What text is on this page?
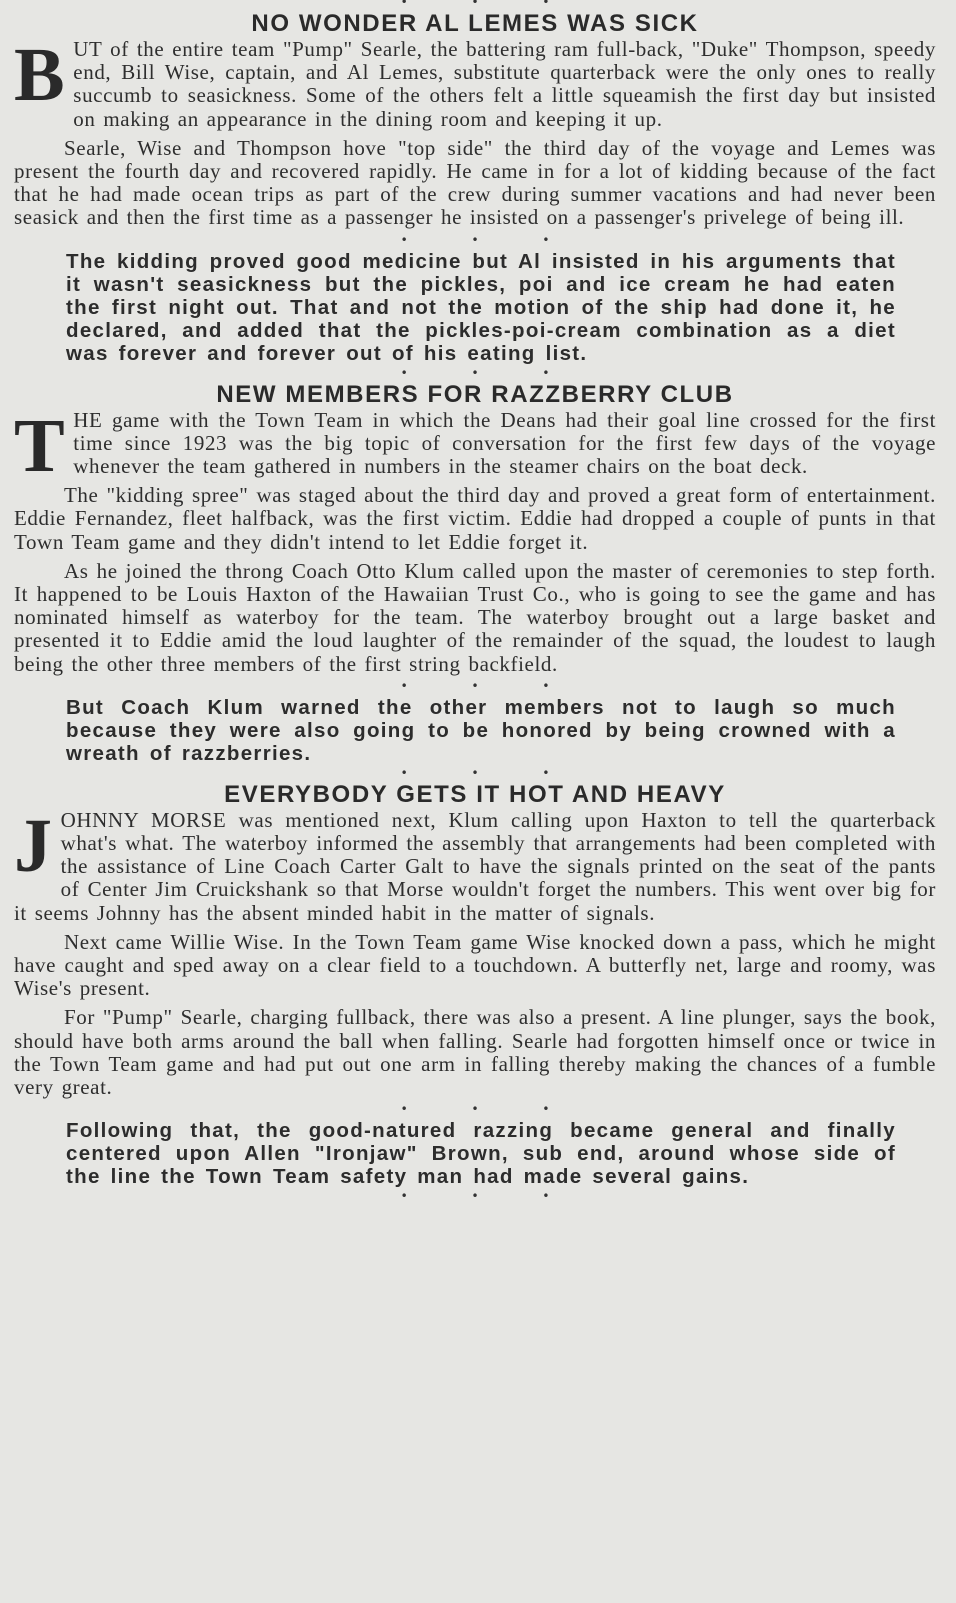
• • •
NO WONDER AL LEMES WAS SICK

BUT of the entire team "Pump" Searle, the battering ram full-back, "Duke" Thompson, speedy end, Bill Wise, captain, and Al Lemes, substitute quarterback were the only ones to really succumb to seasickness. Some of the others felt a little squeamish the first day but insisted on making an appearance in the dining room and keeping it up.

Searle, Wise and Thompson hove "top side" the third day of the voyage and Lemes was present the fourth day and recovered rapidly. He came in for a lot of kidding because of the fact that he had made ocean trips as part of the crew during summer vacations and had never been seasick and then the first time as a passenger he insisted on a passenger's privelege of being ill.

• • •

The kidding proved good medicine but Al insisted in his arguments that it wasn't seasickness but the pickles, poi and ice cream he had eaten the first night out. That and not the motion of the ship had done it, he declared, and added that the pickles-poi-cream combination as a diet was forever and forever out of his eating list.

• • •
NEW MEMBERS FOR RAZZBERRY CLUB

THE game with the Town Team in which the Deans had their goal line crossed for the first time since 1923 was the big topic of conversation for the first few days of the voyage whenever the team gathered in numbers in the steamer chairs on the boat deck.

The "kidding spree" was staged about the third day and proved a great form of entertainment. Eddie Fernandez, fleet halfback, was the first victim. Eddie had dropped a couple of punts in that Town Team game and they didn't intend to let Eddie forget it.

As he joined the throng Coach Otto Klum called upon the master of ceremonies to step forth. It happened to be Louis Haxton of the Hawaiian Trust Co., who is going to see the game and has nominated himself as waterboy for the team. The waterboy brought out a large basket and presented it to Eddie amid the loud laughter of the remainder of the squad, the loudest to laugh being the other three members of the first string backfield.

• • •

But Coach Klum warned the other members not to laugh so much because they were also going to be honored by being crowned with a wreath of razzberries.

• • •
EVERYBODY GETS IT HOT AND HEAVY

JOHNNY MORSE was mentioned next, Klum calling upon Haxton to tell the quarterback what's what. The waterboy informed the assembly that arrangements had been completed with the assistance of Line Coach Carter Galt to have the signals printed on the seat of the pants of Center Jim Cruickshank so that Morse wouldn't forget the numbers. This went over big for it seems Johnny has the absent minded habit in the matter of signals.

Next came Willie Wise. In the Town Team game Wise knocked down a pass, which he might have caught and sped away on a clear field to a touchdown. A butterfly net, large and roomy, was Wise's present.

For "Pump" Searle, charging fullback, there was also a present. A line plunger, says the book, should have both arms around the ball when falling. Searle had forgotten himself once or twice in the Town Team game and had put out one arm in falling thereby making the chances of a fumble very great.

• • •

Following that, the good-natured razzing became general and finally centered upon Allen "Ironjaw" Brown, sub end, around whose side of the line the Town Team safety man had made several gains.

• • •
